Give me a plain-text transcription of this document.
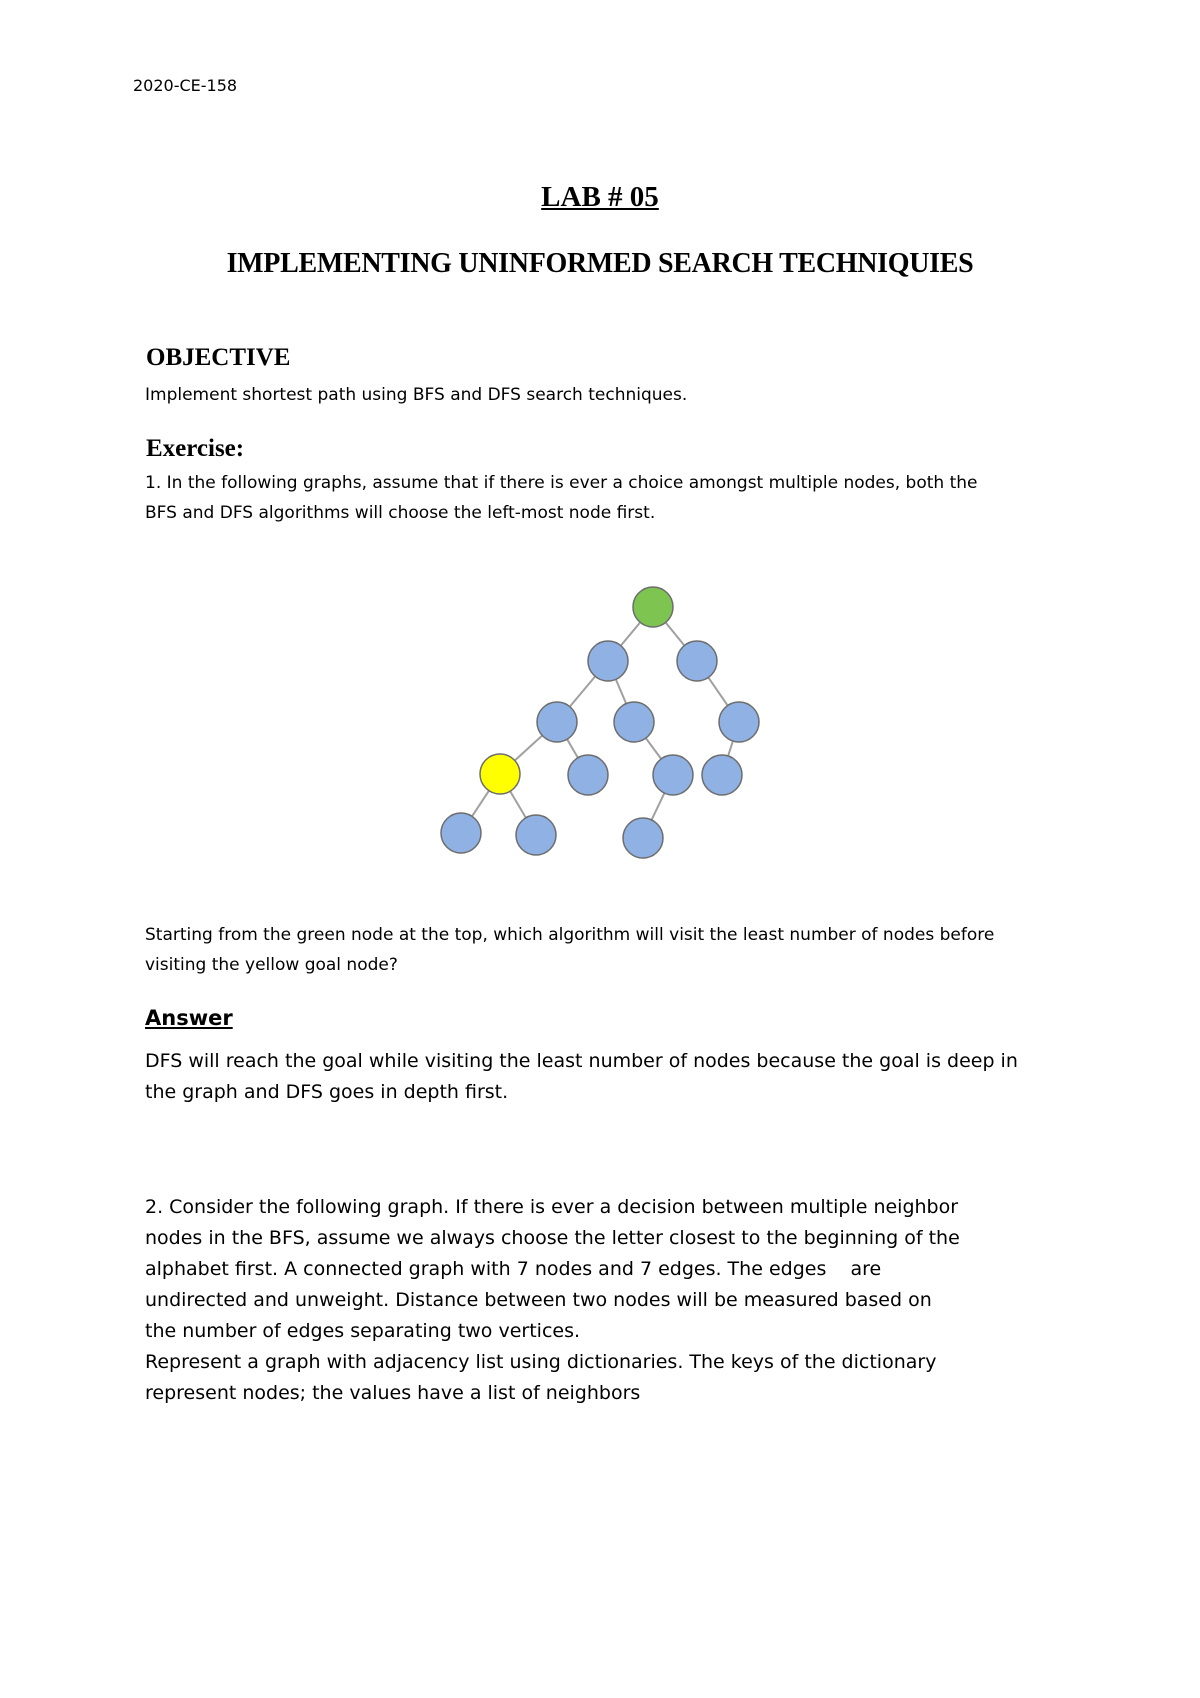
2020-CE-158
LAB # 05
IMPLEMENTING UNINFORMED SEARCH TECHNIQUIES
OBJECTIVE
Implement shortest path using BFS and DFS search techniques.
Exercise:

1. In the following graphs, assume that if there is ever a choice amongst multiple nodes, both the

BFS and DFS algorithms will choose the left-most node first.

Starting from the green node at the top, which algorithm will visit the least number of nodes before

visiting the yellow goal node?

Answer

DFS will reach the goal while visiting the least number of nodes because the goal is deep in

the graph and DFS goes in depth first.

2. Consider the following graph. If there is ever a decision between multiple neighbor

nodes in the BFS, assume we always choose the letter closest to the beginning of the

alphabet first. A connected graph with 7 nodes and 7 edges. The edges    are

undirected and unweight. Distance between two nodes will be measured based on

the number of edges separating two vertices.

Represent a graph with adjacency list using dictionaries. The keys of the dictionary

represent nodes; the values have a list of neighbors
